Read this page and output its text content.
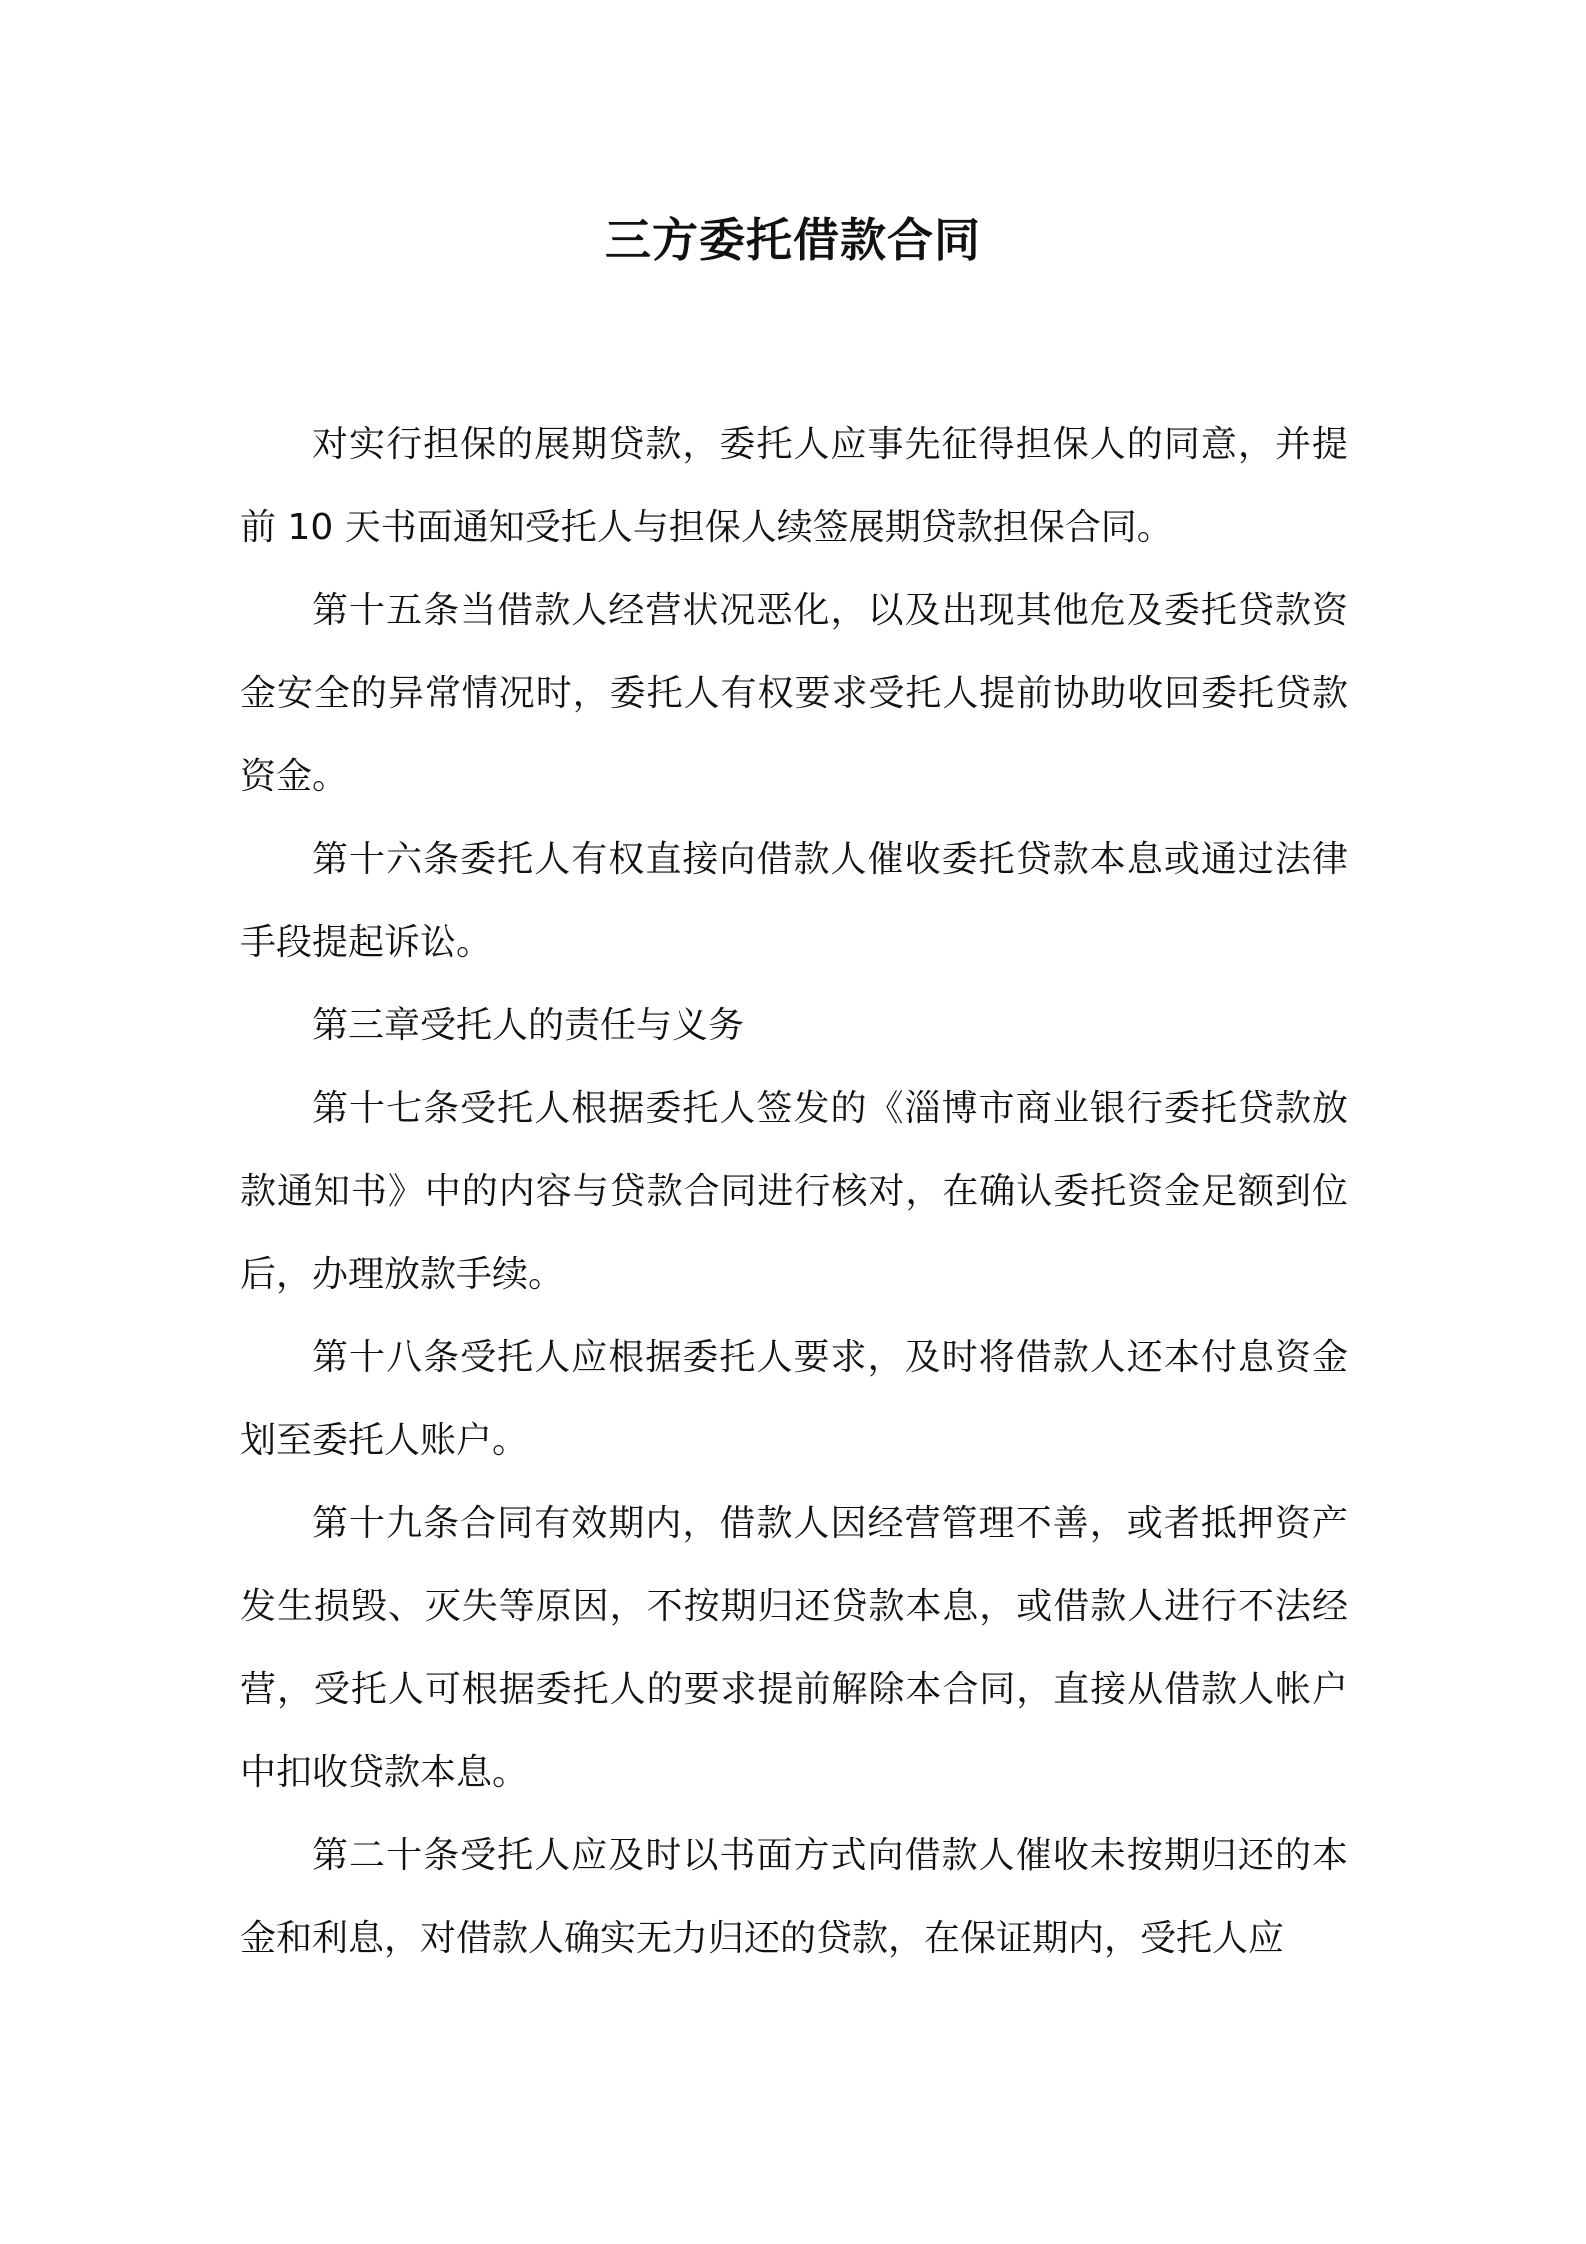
三方委托借款合同

对实行担保的展期贷款，委托人应事先征得担保人的同意，并提前 10 天书面通知受托人与担保人续签展期贷款担保合同。

第十五条当借款人经营状况恶化，以及出现其他危及委托贷款资金安全的异常情况时，委托人有权要求受托人提前协助收回委托贷款资金。

第十六条委托人有权直接向借款人催收委托贷款本息或通过法律手段提起诉讼。

第三章受托人的责任与义务

第十七条受托人根据委托人签发的《淄博市商业银行委托贷款放款通知书》中的内容与贷款合同进行核对，在确认委托资金足额到位后，办理放款手续。

第十八条受托人应根据委托人要求，及时将借款人还本付息资金划至委托人账户。

第十九条合同有效期内，借款人因经营管理不善，或者抵押资产发生损毁、灭失等原因，不按期归还贷款本息，或借款人进行不法经营，受托人可根据委托人的要求提前解除本合同，直接从借款人帐户中扣收贷款本息。

第二十条受托人应及时以书面方式向借款人催收未按期归还的本金和利息，对借款人确实无力归还的贷款，在保证期内，受托人应
